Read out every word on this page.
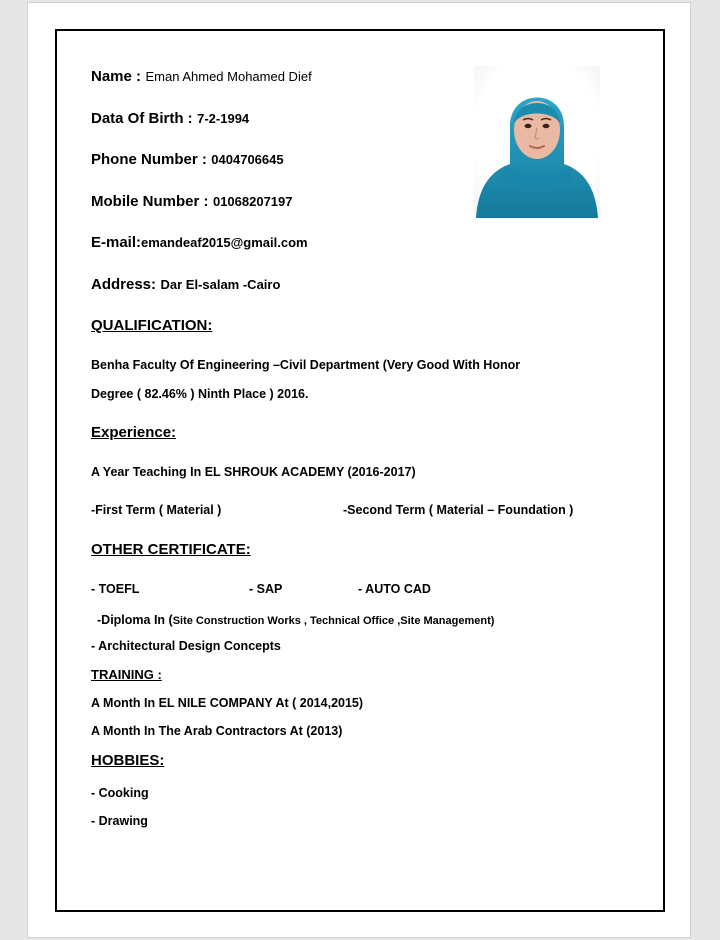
Name : Eman Ahmed Mohamed Dief
Data Of Birth : 7-2-1994
Phone Number : 0404706645
Mobile Number : 01068207197
E-mail:emandeaf2015@gmail.com
Address: Dar El-salam -Cairo
QUALIFICATION:
Benha Faculty Of Engineering –Civil Department (Very Good With Honor
Degree ( 82.46% ) Ninth Place ) 2016.
Experience:
A Year Teaching In EL SHROUK ACADEMY (2016-2017)
-First Term ( Material )	-Second Term ( Material – Foundation )
OTHER CERTIFICATE:
- TOEFL	- SAP	- AUTO CAD
-Diploma In (Site Construction Works , Technical Office ,Site Management)
- Architectural Design Concepts
TRAINING :
A Month In EL NILE COMPANY At ( 2014,2015)
A Month In The Arab Contractors At (2013)
HOBBIES:
- Cooking
- Drawing
